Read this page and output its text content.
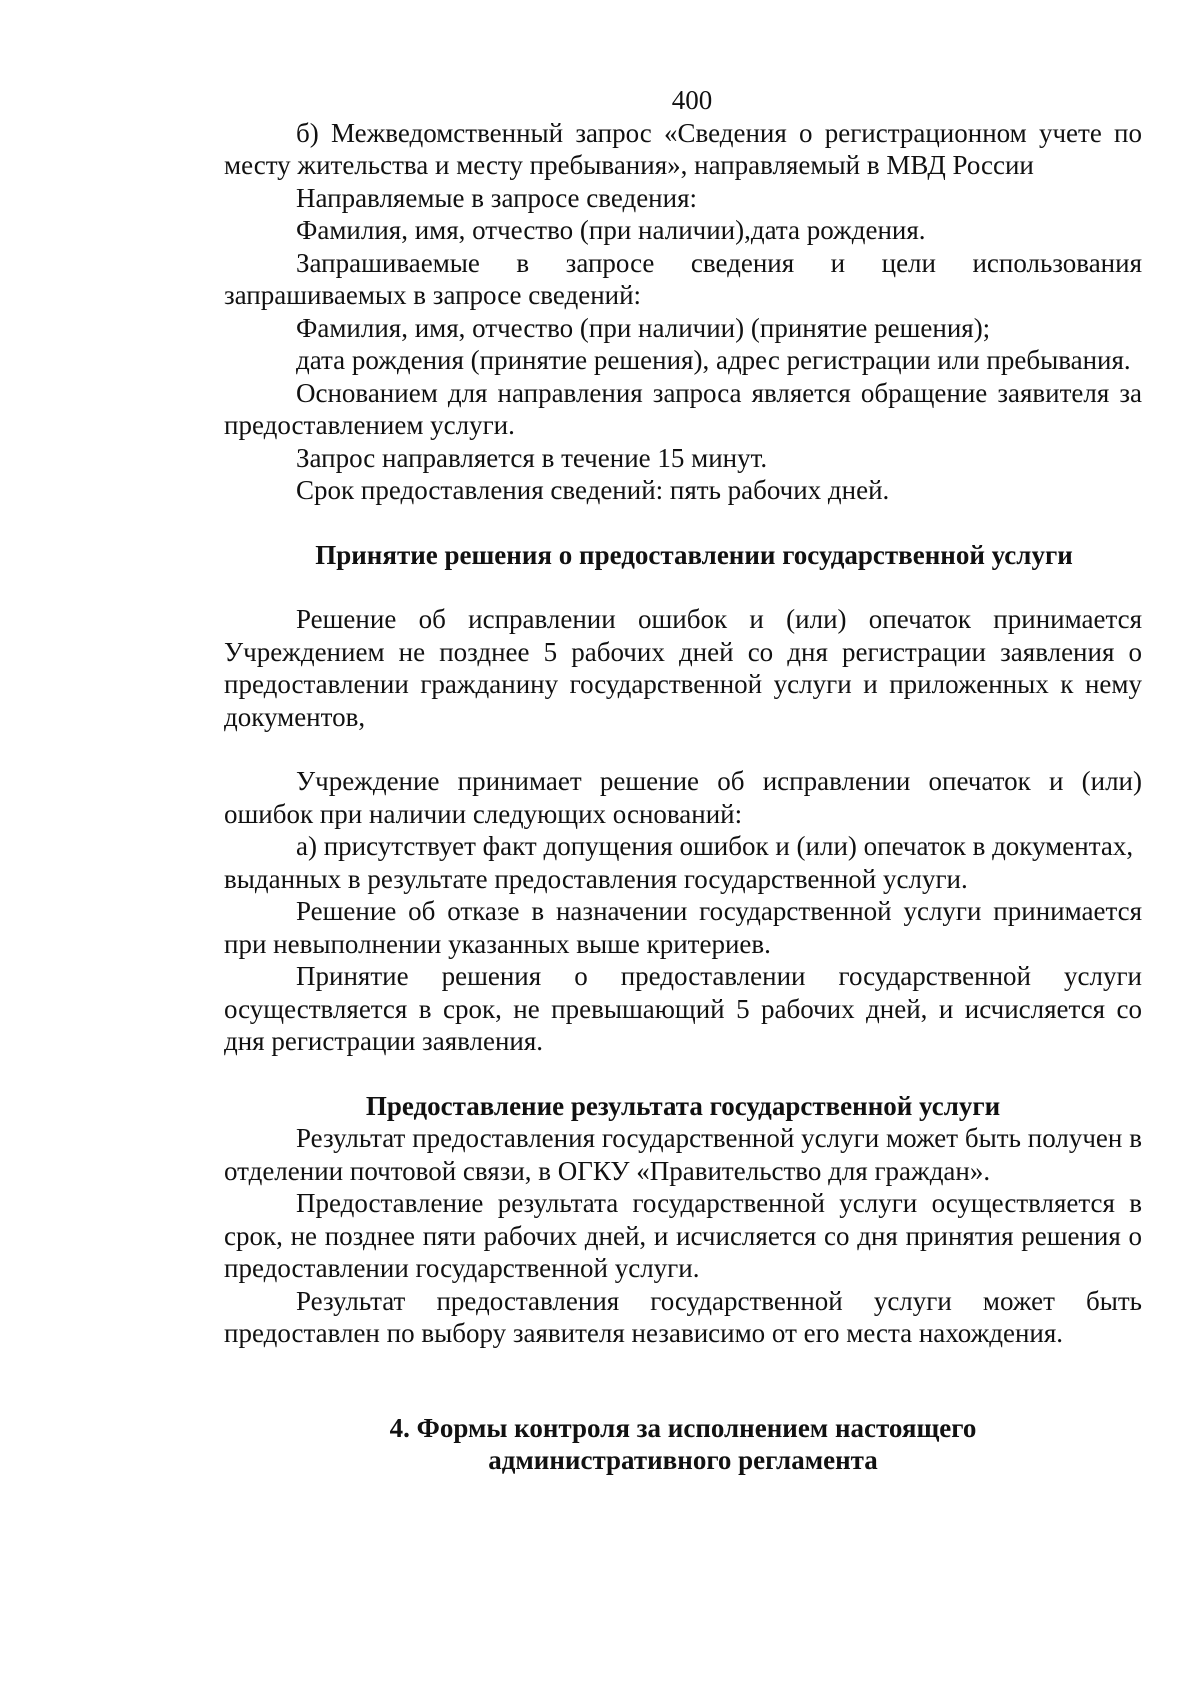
400

б) Межведомственный запрос «Сведения о регистрационном учете по месту жительства и месту пребывания», направляемый в МВД России

Направляемые в запросе сведения:

Фамилия, имя, отчество (при наличии),дата рождения.

Запрашиваемые в запросе сведения и цели использования запрашиваемых в запросе сведений:

Фамилия, имя, отчество (при наличии) (принятие решения);

дата рождения (принятие решения), адрес регистрации или пребывания.

Основанием для направления запроса является обращение заявителя за предоставлением услуги.

Запрос направляется в течение 15 минут.

Срок предоставления сведений: пять рабочих дней.

Принятие решения о предоставлении государственной услуги

Решение об исправлении ошибок и (или) опечаток принимается Учреждением не позднее 5 рабочих дней со дня регистрации заявления о предоставлении гражданину государственной услуги и приложенных к нему документов,

Учреждение принимает решение об исправлении опечаток и (или) ошибок при наличии следующих оснований:

а) присутствует факт допущения ошибок и (или) опечаток в документах, выданных в результате предоставления государственной услуги.

Решение об отказе в назначении государственной услуги принимается при невыполнении указанных выше критериев.

Принятие решения о предоставлении государственной услуги осуществляется в срок, не превышающий 5 рабочих дней, и исчисляется со дня регистрации заявления.

Предоставление результата государственной услуги

Результат предоставления государственной услуги может быть получен в отделении почтовой связи, в ОГКУ «Правительство для граждан».

Предоставление результата государственной услуги осуществляется в срок, не позднее пяти рабочих дней, и исчисляется со дня принятия решения о предоставлении государственной услуги.

Результат предоставления государственной услуги может быть предоставлен по выбору заявителя независимо от его места нахождения.

4. Формы контроля за исполнением настоящего
административного регламента
